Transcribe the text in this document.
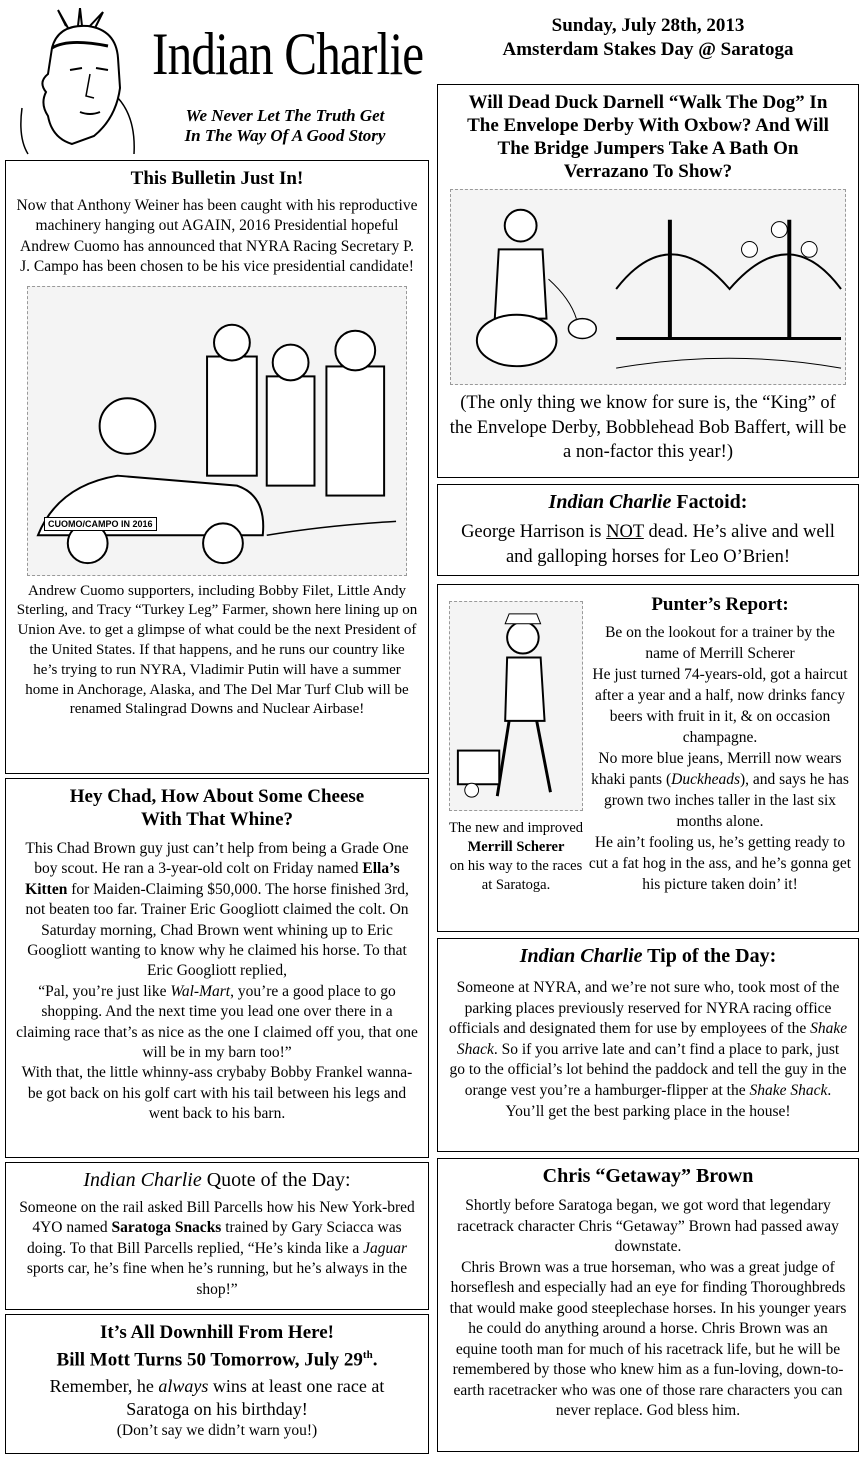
Indian Charlie
We Never Let The Truth Get
In The Way Of A Good Story
Sunday, July 28th, 2013
Amsterdam Stakes Day @ Saratoga
This Bulletin Just In!

Now that Anthony Weiner has been caught with his reproductive machinery hanging out AGAIN, 2016 Presidential hopeful Andrew Cuomo has announced that NYRA Racing Secretary P. J. Campo has been chosen to be his vice presidential candidate!

CUOMO/CAMPO IN 2016

Andrew Cuomo supporters, including Bobby Filet, Little Andy Sterling, and Tracy “Turkey Leg” Farmer, shown here lining up on Union Ave. to get a glimpse of what could be the next President of the United States. If that happens, and he runs our country like he’s trying to run NYRA, Vladimir Putin will have a summer home in Anchorage, Alaska, and The Del Mar Turf Club will be renamed Stalingrad Downs and Nuclear Airbase!

Hey Chad, How About Some Cheese
With That Whine?

This Chad Brown guy just can’t help from being a Grade One boy scout. He ran a 3-year-old colt on Friday named Ella’s Kitten for Maiden-Claiming $50,000. The horse finished 3rd, not beaten too far. Trainer Eric Googliott claimed the colt. On Saturday morning, Chad Brown went whining up to Eric Googliott wanting to know why he claimed his horse. To that Eric Googliott replied,

“Pal, you’re just like Wal-Mart, you’re a good place to go shopping. And the next time you lead one over there in a claiming race that’s as nice as the one I claimed off you, that one will be in my barn too!”

With that, the little whinny-ass crybaby Bobby Frankel wanna-be got back on his golf cart with his tail between his legs and went back to his barn.

Indian Charlie Quote of the Day:

Someone on the rail asked Bill Parcells how his New York-bred 4YO named Saratoga Snacks trained by Gary Sciacca was doing. To that Bill Parcells replied, “He’s kinda like a Jaguar sports car, he’s fine when he’s running, but he’s always in the shop!”

It’s All Downhill From Here!
Bill Mott Turns 50 Tomorrow, July 29th.

Remember, he always wins at least one race at Saratoga on his birthday!

(Don’t say we didn’t warn you!)

Will Dead Duck Darnell “Walk The Dog” In The Envelope Derby With Oxbow? And Will The Bridge Jumpers Take A Bath On Verrazano To Show?

(The only thing we know for sure is, the “King” of the Envelope Derby, Bobblehead Bob Baffert, will be a non-factor this year!)

Indian Charlie Factoid:

George Harrison is NOT dead. He’s alive and well and galloping horses for Leo O’Brien!

The new and improved
Merrill Scherer
on his way to the races at Saratoga.

Punter’s Report:

Be on the lookout for a trainer by the name of Merrill Scherer

He just turned 74-years-old, got a haircut after a year and a half, now drinks fancy beers with fruit in it, & on occasion champagne.

No more blue jeans, Merrill now wears khaki pants (Duckheads), and says he has grown two inches taller in the last six months alone.

He ain’t fooling us, he’s getting ready to cut a fat hog in the ass, and he’s gonna get his picture taken doin’ it!

Indian Charlie Tip of the Day:

Someone at NYRA, and we’re not sure who, took most of the parking places previously reserved for NYRA racing office officials and designated them for use by employees of the Shake Shack. So if you arrive late and can’t find a place to park, just go to the official’s lot behind the paddock and tell the guy in the orange vest you’re a hamburger-flipper at the Shake Shack. You’ll get the best parking place in the house!

Chris “Getaway” Brown

Shortly before Saratoga began, we got word that legendary racetrack character Chris “Getaway” Brown had passed away downstate.

Chris Brown was a true horseman, who was a great judge of horseflesh and especially had an eye for finding Thoroughbreds that would make good steeplechase horses. In his younger years he could do anything around a horse. Chris Brown was an equine tooth man for much of his racetrack life, but he will be remembered by those who knew him as a fun-loving, down-to-earth racetracker who was one of those rare characters you can never replace. God bless him.
